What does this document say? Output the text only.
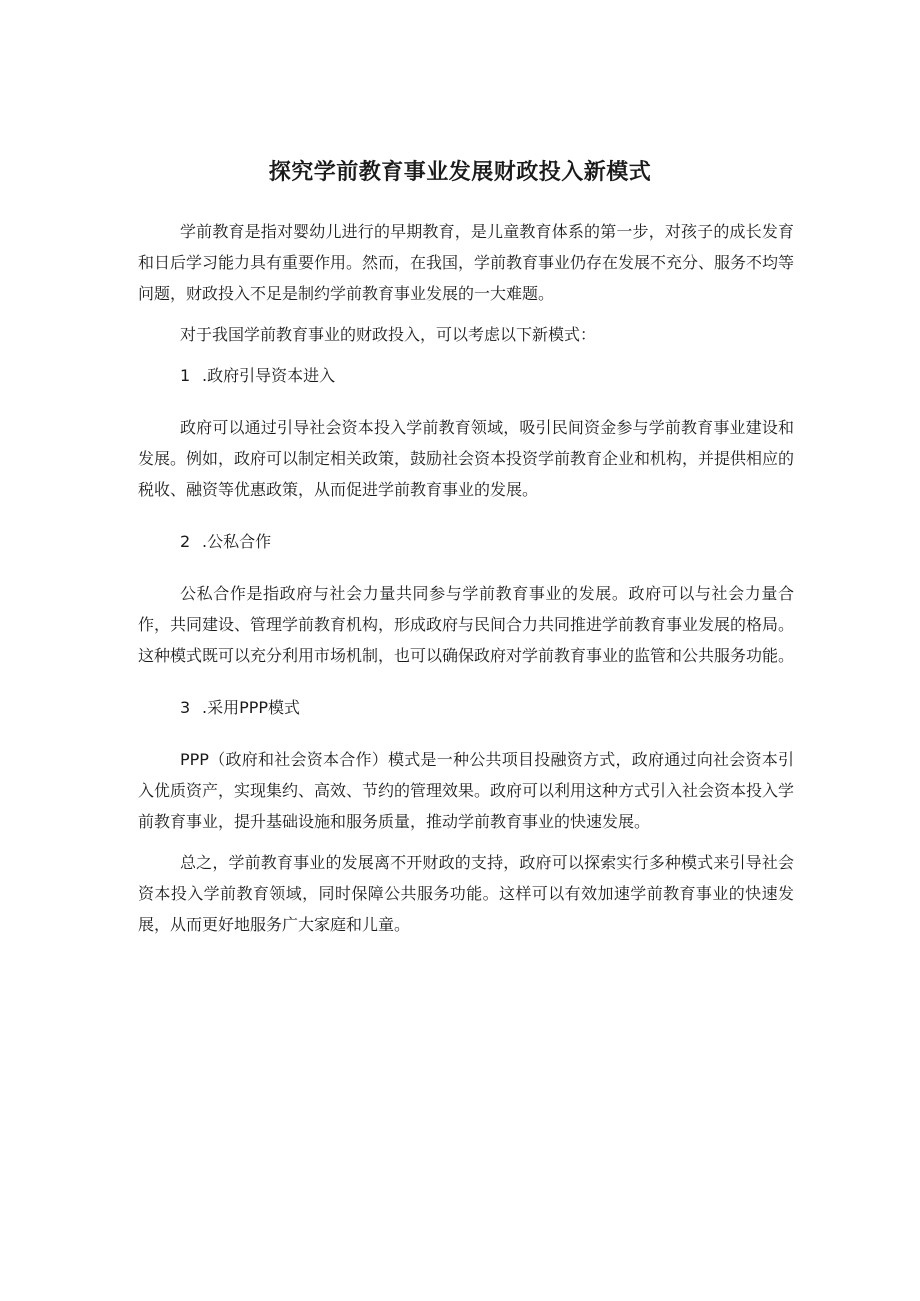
探究学前教育事业发展财政投入新模式

学前教育是指对婴幼儿进行的早期教育，是儿童教育体系的第一步，对孩子的成长发育和日后学习能力具有重要作用。然而，在我国，学前教育事业仍存在发展不充分、服务不均等问题，财政投入不足是制约学前教育事业发展的一大难题。

对于我国学前教育事业的财政投入，可以考虑以下新模式：

1 .政府引导资本进入

政府可以通过引导社会资本投入学前教育领域，吸引民间资金参与学前教育事业建设和发展。例如，政府可以制定相关政策，鼓励社会资本投资学前教育企业和机构，并提供相应的税收、融资等优惠政策，从而促进学前教育事业的发展。

2 .公私合作

公私合作是指政府与社会力量共同参与学前教育事业的发展。政府可以与社会力量合作，共同建设、管理学前教育机构，形成政府与民间合力共同推进学前教育事业发展的格局。这种模式既可以充分利用市场机制，也可以确保政府对学前教育事业的监管和公共服务功能。

3 .采用PPP模式

PPP（政府和社会资本合作）模式是一种公共项目投融资方式，政府通过向社会资本引入优质资产，实现集约、高效、节约的管理效果。政府可以利用这种方式引入社会资本投入学前教育事业，提升基础设施和服务质量，推动学前教育事业的快速发展。

总之，学前教育事业的发展离不开财政的支持，政府可以探索实行多种模式来引导社会资本投入学前教育领域，同时保障公共服务功能。这样可以有效加速学前教育事业的快速发展，从而更好地服务广大家庭和儿童。
